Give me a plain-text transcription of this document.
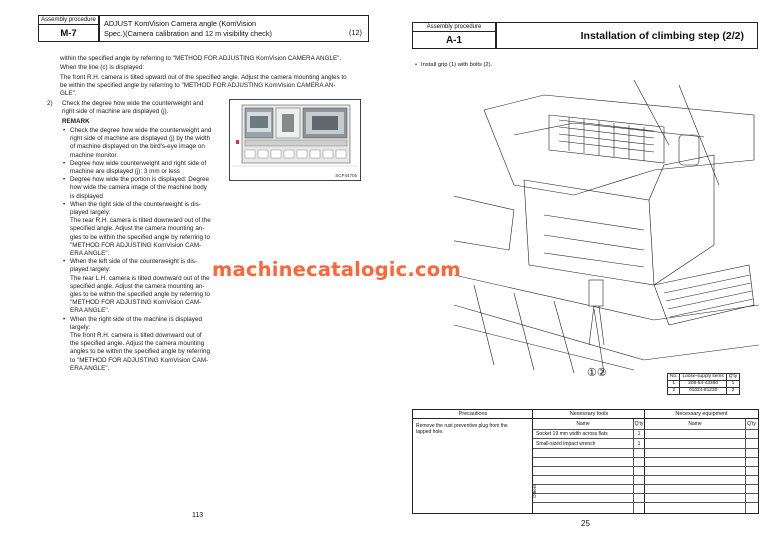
Assembly procedure
M-7
ADJUST KomVision Camera angle (KomVision
Spec.)(Camera calibration and 12 m visibility check)	(12)
within the specified angle by referring to "METHOD FOR ADJUSTING KomVision CAMERA ANGLE".
When the line (c) is displayed:
The front R.H. camera is tilted upward out of the specified angle. Adjust the camera mounting angles to
be within the specified angle by referring to "METHOD FOR ADJUSTING KomVision CAMERA AN-
GLE".
2) Check the degree how wide the counterweight and
right side of machine are displayed (j).
REMARK
• Check the degree how wide the counterweight and
right side of machine are displayed (j) by the width
of machine displayed on the bird's-eye image on
machine monitor.
• Degree how wide counterweight and right side of
machine are displayed (j): 3 mm or less
• Degree how wide the portion is displayed: Degree
how wide the camera image of the machine body
is displayed
• When the right side of the counterweight is dis-
played largely:
The rear R.H. camera is tilted downward out of the
specified angle. Adjust the camera mounting an-
gles to be within the specified angle by referring to
"METHOD FOR ADJUSTING KomVision CAM-
ERA ANGLE".
• When the left side of the counterweight is dis-
played largely:
The rear L.H. camera is tilted downward out of the
specified angle. Adjust the camera mounting an-
gles to be within the specified angle by referring to
"METHOD FOR ADJUSTING KomVision CAM-
ERA ANGLE".
• When the right side of the machine is displayed
largely:
The front R.H. camera is tilted downward out of
the specified angle. Adjust the camera mounting
angles to be within the specified angle by referring
to "METHOD FOR ADJUSTING KomVision CAM-
ERA ANGLE".
SCP44705
113
Assembly procedure
A-1	Installation of climbing step (2/2)
• Install grip (1) with bolts (2).
①②	No.	Loose-supply items	Q'ty
1	208-54-43350	1
2	01024-81230	2
Precautions	Necessary tools	Necessary equipment
Remove the rust preventive plug from the
tapped hole.
Name	Q'ty	Name	Q'ty
Socket 19 mm width across flats	1
Small-sized impact wrench	1
Others
25
machinecatalogic.com
